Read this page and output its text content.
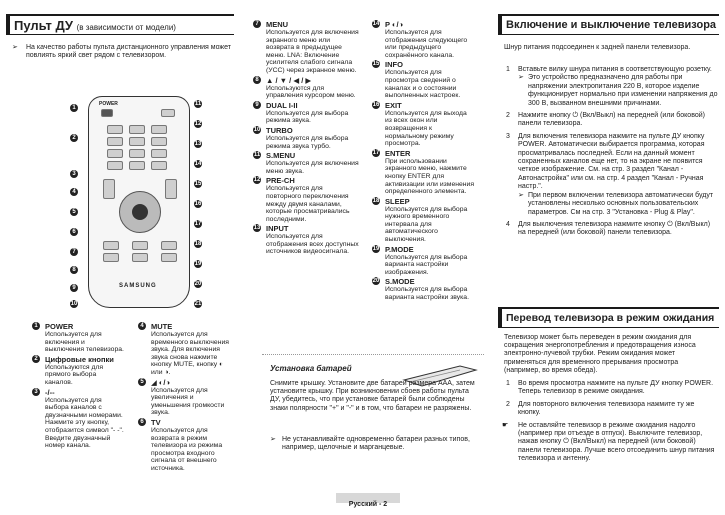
Пульт ДУ (в зависимости от модели)
➢ На качество работы пульта дистанционного управления может повлиять яркий свет рядом с телевизором.
POWER
SAMSUNG
1
2
3
4
5
6
7
8
9
10
11
12
13
14
15
16
17
18
19
20
21
1 POWER
Используется для включения и выключения телевизора.
2 Цифровые кнопки
Используются для прямого выбора каналов.
3 -/--
Используется для выбора каналов с двузначными номерами. Нажмите эту кнопку, отобразится символ "- -". Введите двузначный номер канала.
4 MUTE
Используется для временного выключения звука. Для включения звука снова нажмите кнопку MUTE, кнопку ◐ или ◑.
5 ◢ ◐/◑
Используется для увеличения и уменьшения громкости звука.
6 TV
Используется для возврата в режим телевизора из режима просмотра входного сигнала от внешнего источника.
7 MENU
Используется для включения экранного меню или возврата в предыдущее меню. LNA: Включение усилителя слабого сигнала (УСС) через экранное меню.
8 ▲ / ▼ / ◀ / ▶
Используются для управления курсором меню.
9 DUAL I-II
Используется для выбора режима звука.
10 TURBO
Используется для выбора режима звука турбо.
11 S.MENU
Используется для включения меню звука.
12 PRE-CH
Используется для повторного переключения между двумя каналами, которые просматривались последними.
13 INPUT
Используется для отображения всех доступных источников видеосигнала.
14 P ◐/◑
Используется для отображения следующего или предыдущего сохранённого канала.
15 INFO
Используется для просмотра сведений о каналах и о состоянии выполненных настроек.
16 EXIT
Используется для выхода из всех окон или возвращения к нормальному режиму просмотра.
17 ENTER
При использовании экранного меню, нажмите кнопку ENTER для активизации или изменения определенного элемента.
18 SLEEP
Используется для выбора нужного временного интервала для автоматического выключения.
19 P.MODE
Используется для выбора варианта настройки изображения.
20 S.MODE
Используется для выбора варианта настройки звука.
Установка батарей
Снимите крышку. Установите две батареи размера AAA, затем установите крышку. При возникновении сбоев работы пульта ДУ, убедитесь, что при установке батарей были соблюдены знаки полярности "+" и "-" и в том, что батареи не разряжены.
➢ Не устанавливайте одновременно батареи разных типов, например, щелочные и марганцевые.
Включение и выключение телевизора
Шнур питания подсоединен к задней панели телевизора.
1 Вставьте вилку шнура питания в соответствующую розетку.
➢ Это устройство предназначено для работы при напряжении электропитания 220 В, которое изделие функционирует нормально при изменении напряжения до 300 В, вызванном внешними причинами.
2 Нажмите кнопку ⏻ (Вкл/Выкл) на передней (или боковой) панели телевизора.
3 Для включения телевизора нажмите на пульте ДУ кнопку POWER. Автоматически выбирается программа, которая просматривалась последней. Если на данный момент сохраненных каналов еще нет, то на экране не появится четкое изображение. См. на стр. 3 раздел "Канал - Автонастройка" или см. на стр. 4 раздел "Канал - Ручная настр.".
➢ При первом включении телевизора автоматически будут установлены несколько основных пользовательских параметров. См на стр. 3 "Установка - Plug & Play".
4 Для выключения телевизора нажмите кнопку ⏻ (Вкл/Выкл) на передней (или боковой) панели телевизора.
Перевод телевизора в режим ожидания
Телевизор может быть переведен в режим ожидания для сокращения энергопотребления и предотвращения износа электронно-лучевой трубки. Режим ожидания может применяться для временного прерывания просмотра (например, во время обеда).
1 Во время просмотра нажмите на пульте ДУ кнопку POWER. Теперь телевизор в режиме ожидания.
2 Для повторного включения телевизора нажмите ту же кнопку.
☛ Не оставляйте телевизор в режиме ожидания надолго (например при отъезде в отпуск). Выключите телевизор, нажав кнопку ⏻ (Вкл/Выкл) на передней (или боковой) панели телевизора. Лучше всего отсоединить шнур питания телевизора и антенну.
Русский - 2
